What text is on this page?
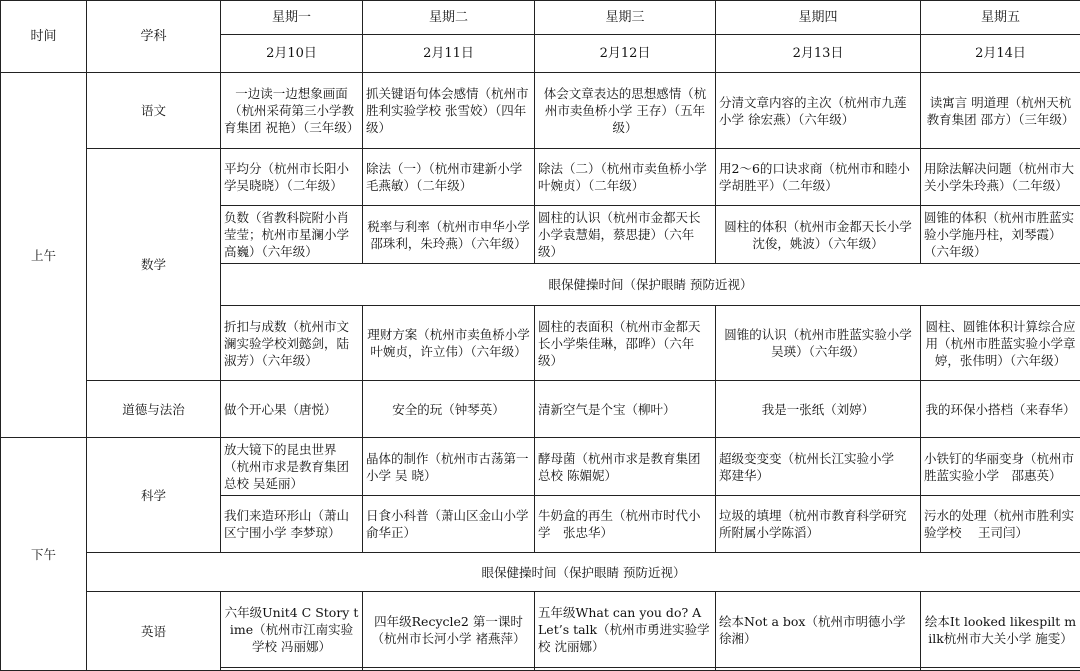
时间	学科	星期一	星期二	星期三	星期四	星期五
		2月10日	2月11日	2月12日	2月13日	2月14日
上午	语文	一边读一边想象画面（杭州采荷第三小学教育集团 祝艳）（三年级）	抓关键语句体会感情（杭州市胜利实验学校 张雪姣）（四年级）	体会文章表达的思想感情（杭州市卖鱼桥小学 王存）（五年级）	分清文章内容的主次（杭州市九莲小学 徐宏燕）（六年级）	读寓言 明道理（杭州天杭教育集团 邵方）（三年级）
	数学	平均分（杭州市长阳小学吴晓晓）（二年级）	除法（一）（杭州市建新小学毛燕敏）（二年级）	除法（二）（杭州市卖鱼桥小学叶婉贞）（二年级）	用2～6的口诀求商（杭州市和睦小学胡胜平）（二年级）	用除法解决问题（杭州市大关小学朱玲燕）（二年级）
		负数（省教科院附小肖莹莹；杭州市星澜小学高巍）（六年级）	税率与利率（杭州市申华小学邵珠利，朱玲燕）（六年级）	圆柱的认识（杭州市金都天长小学袁慧娟，蔡思捷）（六年级）	圆柱的体积（杭州市金都天长小学沈俊，姚波）（六年级）	圆锥的体积（杭州市胜蓝实验小学施丹柱，刘琴霞）（六年级）
		眼保健操时间（保护眼睛 预防近视）				
		折扣与成数（杭州市文澜实验学校刘懿剑，陆淑芳）（六年级）	理财方案（杭州市卖鱼桥小学叶婉贞，许立伟）（六年级）	圆柱的表面积（杭州市金都天长小学柴佳琳，邵晔）（六年级）	圆锥的认识（杭州市胜蓝实验小学吴瑛）（六年级）	圆柱、圆锥体积计算综合应用（杭州市胜蓝实验小学章婷，张伟明）（六年级）
	道德与法治	做个开心果（唐悦）	安全的玩（钟琴英）	清新空气是个宝（柳叶）	我是一张纸（刘婷）	我的环保小搭档（来春华）
下午	科学	放大镜下的昆虫世界（杭州市求是教育集团总校 吴延丽）	晶体的制作（杭州市古荡第一小学 吴 晓）	酵母菌（杭州市求是教育集团总校 陈媚妮）	超级变变变（杭州长江实验小学　郑建华）	小铁钉的华丽变身（杭州市胜蓝实验小学　邵惠英）
		我们来造环形山（萧山区宁围小学 李梦琼）	日食小科普（萧山区金山小学 俞华正）	牛奶盒的再生（杭州市时代小学　张忠华）	垃圾的填埋（杭州市教育科学研究所附属小学陈滔）	污水的处理（杭州市胜利实验学校　 王司闫）
	眼保健操时间（保护眼睛 预防近视）					
	英语	六年级Unit4 C Story time（杭州市江南实验学校 冯丽娜）	四年级Recycle2 第一课时（杭州市长河小学 褚燕萍）	五年级What can you do? A Let’s talk（杭州市勇进实验学校 沈丽娜）	绘本Not a box（杭州市明德小学 徐湘）	绘本It looked likespilt milk杭州市大关小学 施雯）
